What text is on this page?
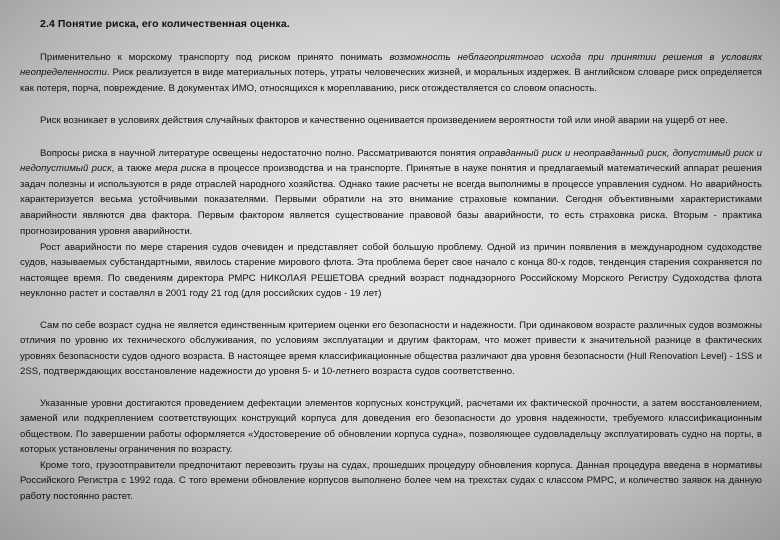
2.4 Понятие риска, его количественная оценка.

Применительно к морскому транспорту под риском принято понимать возможность неблагоприятного исхода при принятии решения в условиях неопределенности. Риск реализуется в виде материальных потерь, утраты человеческих жизней, и моральных издержек. В английском словаре риск определяется как потеря, порча, повреждение. В документах ИМО, относящихся к мореплаванию, риск отождествляется со словом опасность.

Риск возникает в условиях действия случайных факторов и качественно оценивается произведением вероятности той или иной аварии на ущерб от нее.

Вопросы риска в научной литературе освещены недостаточно полно. Рассматриваются понятия оправданный риск и неоправданный риск, допустимый риск и недопустимый риск, а также мера риска в процессе производства и на транспорте. Принятые в науке понятия и предлагаемый математический аппарат решения задач полезны и используются в ряде отраслей народного хозяйства. Однако такие расчеты не всегда выполнимы в процессе управления судном. Но аварийность характеризуется весьма устойчивыми показателями. Первыми обратили на это внимание страховые компании. Сегодня объективными характеристиками аварийности являются два фактора. Первым фактором является существование правовой базы аварийности, то есть страховка риска. Вторым - практика прогнозирования уровня аварийности.

Рост аварийности по мере старения судов очевиден и представляет собой большую проблему. Одной из причин появления в международном судоходстве судов, называемых субстандартными, явилось старение мирового флота. Эта проблема берет свое начало с конца 80-х годов, тенденция старения сохраняется по настоящее время. По сведениям директора РМРС НИКОЛАЯ РЕШЕТОВА средний возраст поднадзорного Российскому Морского Регистру Судоходства флота неуклонно растет и составлял в 2001 году 21 год (для российских судов - 19 лет)

Сам по себе возраст судна не является единственным критерием оценки его безопасности и надежности. При одинаковом возрасте различных судов возможны отличия по уровню их технического обслуживания, по условиям эксплуатации и другим факторам, что может привести к значительной разнице в фактических уровнях безопасности судов одного возраста. В настоящее время классификационные общества различают два уровня безопасности (Hull Renovation Level) - 1SS и 2SS, подтверждающих восстановление надежности до уровня 5- и 10-летнего возраста судов соответственно.

Указанные уровни достигаются проведением дефектации элементов корпусных конструкций, расчетами их фактической прочности, а затем восстановлением, заменой или подкреплением соответствующих конструкций корпуса для доведения его безопасности до уровня надежности, требуемого классификационным обществом. По завершении работы оформляется «Удостоверение об обновлении корпуса судна», позволяющее судовладельцу эксплуатировать судно на порты, в которых установлены ограничения по возрасту.

Кроме того, грузоотправители предпочитают перевозить грузы на судах, прошедших процедуру обновления корпуса. Данная процедура введена в нормативы Российского Регистра с 1992 года. С того времени обновление корпусов выполнено более чем на трехстах судах с классом РМРС, и количество заявок на данную работу постоянно растет.
